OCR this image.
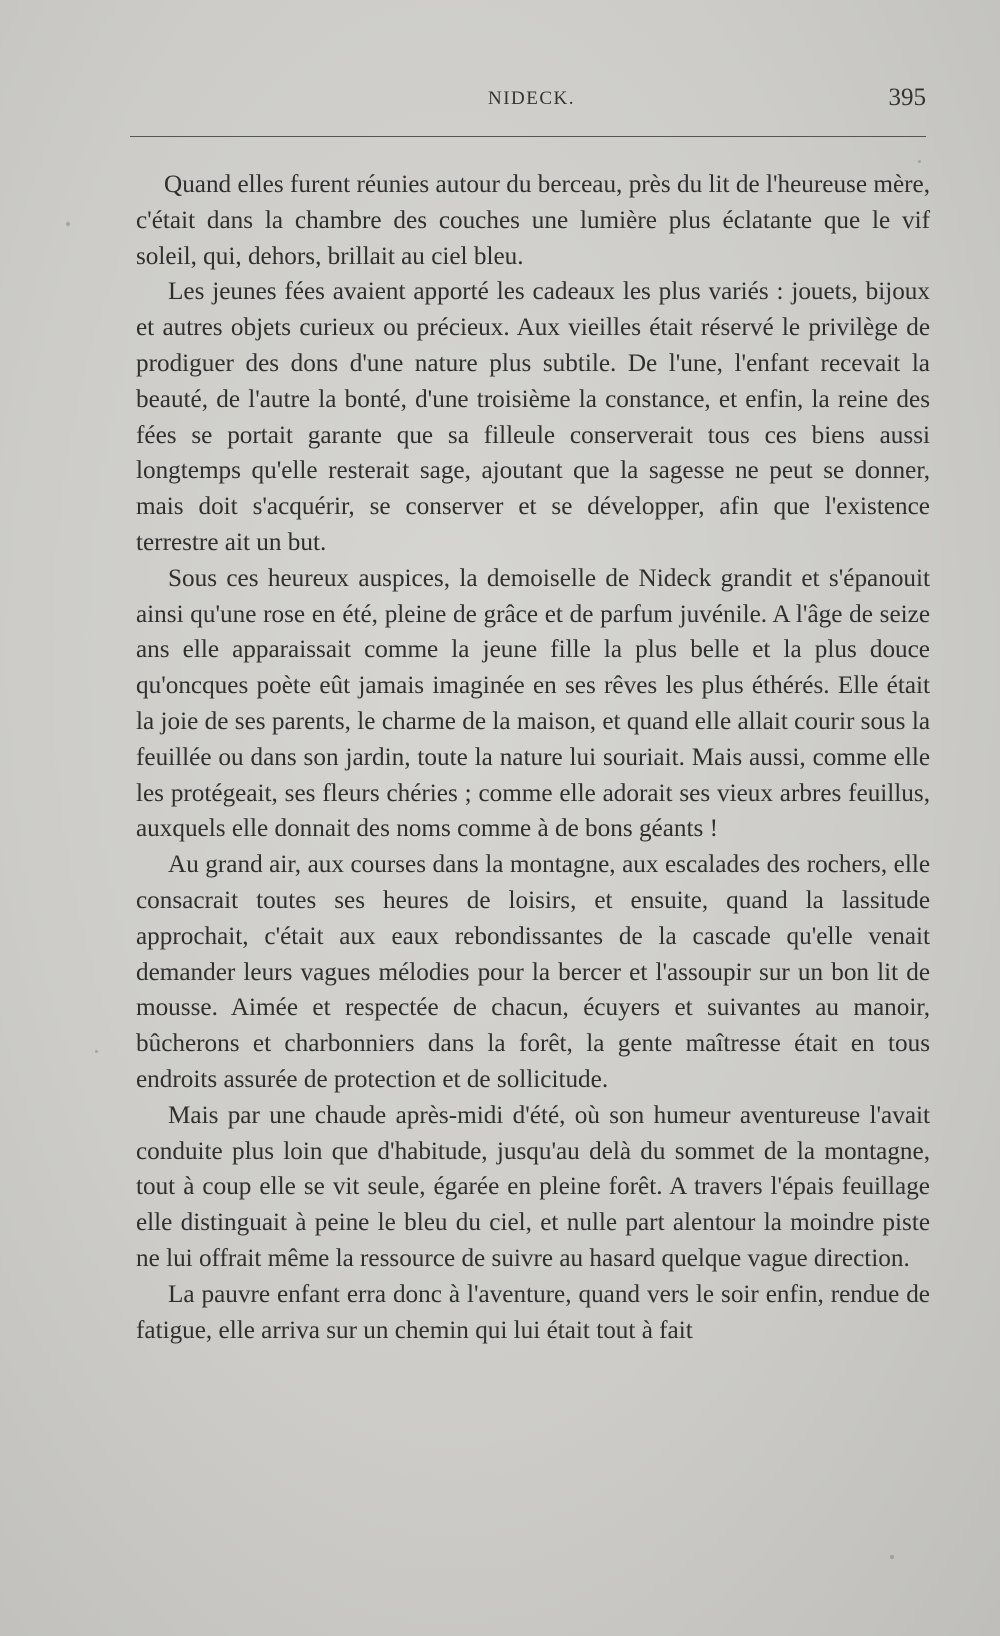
NIDECK.	395

Quand elles furent réunies autour du berceau, près du lit de l'heureuse mère, c'était dans la chambre des couches une lumière plus éclatante que le vif soleil, qui, dehors, brillait au ciel bleu.

Les jeunes fées avaient apporté les cadeaux les plus variés : jouets, bijoux et autres objets curieux ou précieux. Aux vieilles était réservé le privilège de prodiguer des dons d'une nature plus subtile. De l'une, l'enfant recevait la beauté, de l'autre la bonté, d'une troisième la constance, et enfin, la reine des fées se portait garante que sa filleule conserverait tous ces biens aussi longtemps qu'elle resterait sage, ajoutant que la sagesse ne peut se donner, mais doit s'acquérir, se conserver et se développer, afin que l'existence terrestre ait un but.

Sous ces heureux auspices, la demoiselle de Nideck grandit et s'épanouit ainsi qu'une rose en été, pleine de grâce et de parfum juvénile. A l'âge de seize ans elle apparaissait comme la jeune fille la plus belle et la plus douce qu'oncques poète eût jamais imaginée en ses rêves les plus éthérés. Elle était la joie de ses parents, le charme de la maison, et quand elle allait courir sous la feuillée ou dans son jardin, toute la nature lui souriait. Mais aussi, comme elle les protégeait, ses fleurs chéries ; comme elle adorait ses vieux arbres feuillus, auxquels elle donnait des noms comme à de bons géants !

Au grand air, aux courses dans la montagne, aux escalades des rochers, elle consacrait toutes ses heures de loisirs, et ensuite, quand la lassitude approchait, c'était aux eaux rebondissantes de la cascade qu'elle venait demander leurs vagues mélodies pour la bercer et l'assoupir sur un bon lit de mousse. Aimée et respectée de chacun, écuyers et suivantes au manoir, bûcherons et charbonniers dans la forêt, la gente maîtresse était en tous endroits assurée de protection et de sollicitude.

Mais par une chaude après-midi d'été, où son humeur aventureuse l'avait conduite plus loin que d'habitude, jusqu'au delà du sommet de la montagne, tout à coup elle se vit seule, égarée en pleine forêt. A travers l'épais feuillage elle distinguait à peine le bleu du ciel, et nulle part alentour la moindre piste ne lui offrait même la ressource de suivre au hasard quelque vague direction.

La pauvre enfant erra donc à l'aventure, quand vers le soir enfin, rendue de fatigue, elle arriva sur un chemin qui lui était tout à fait
